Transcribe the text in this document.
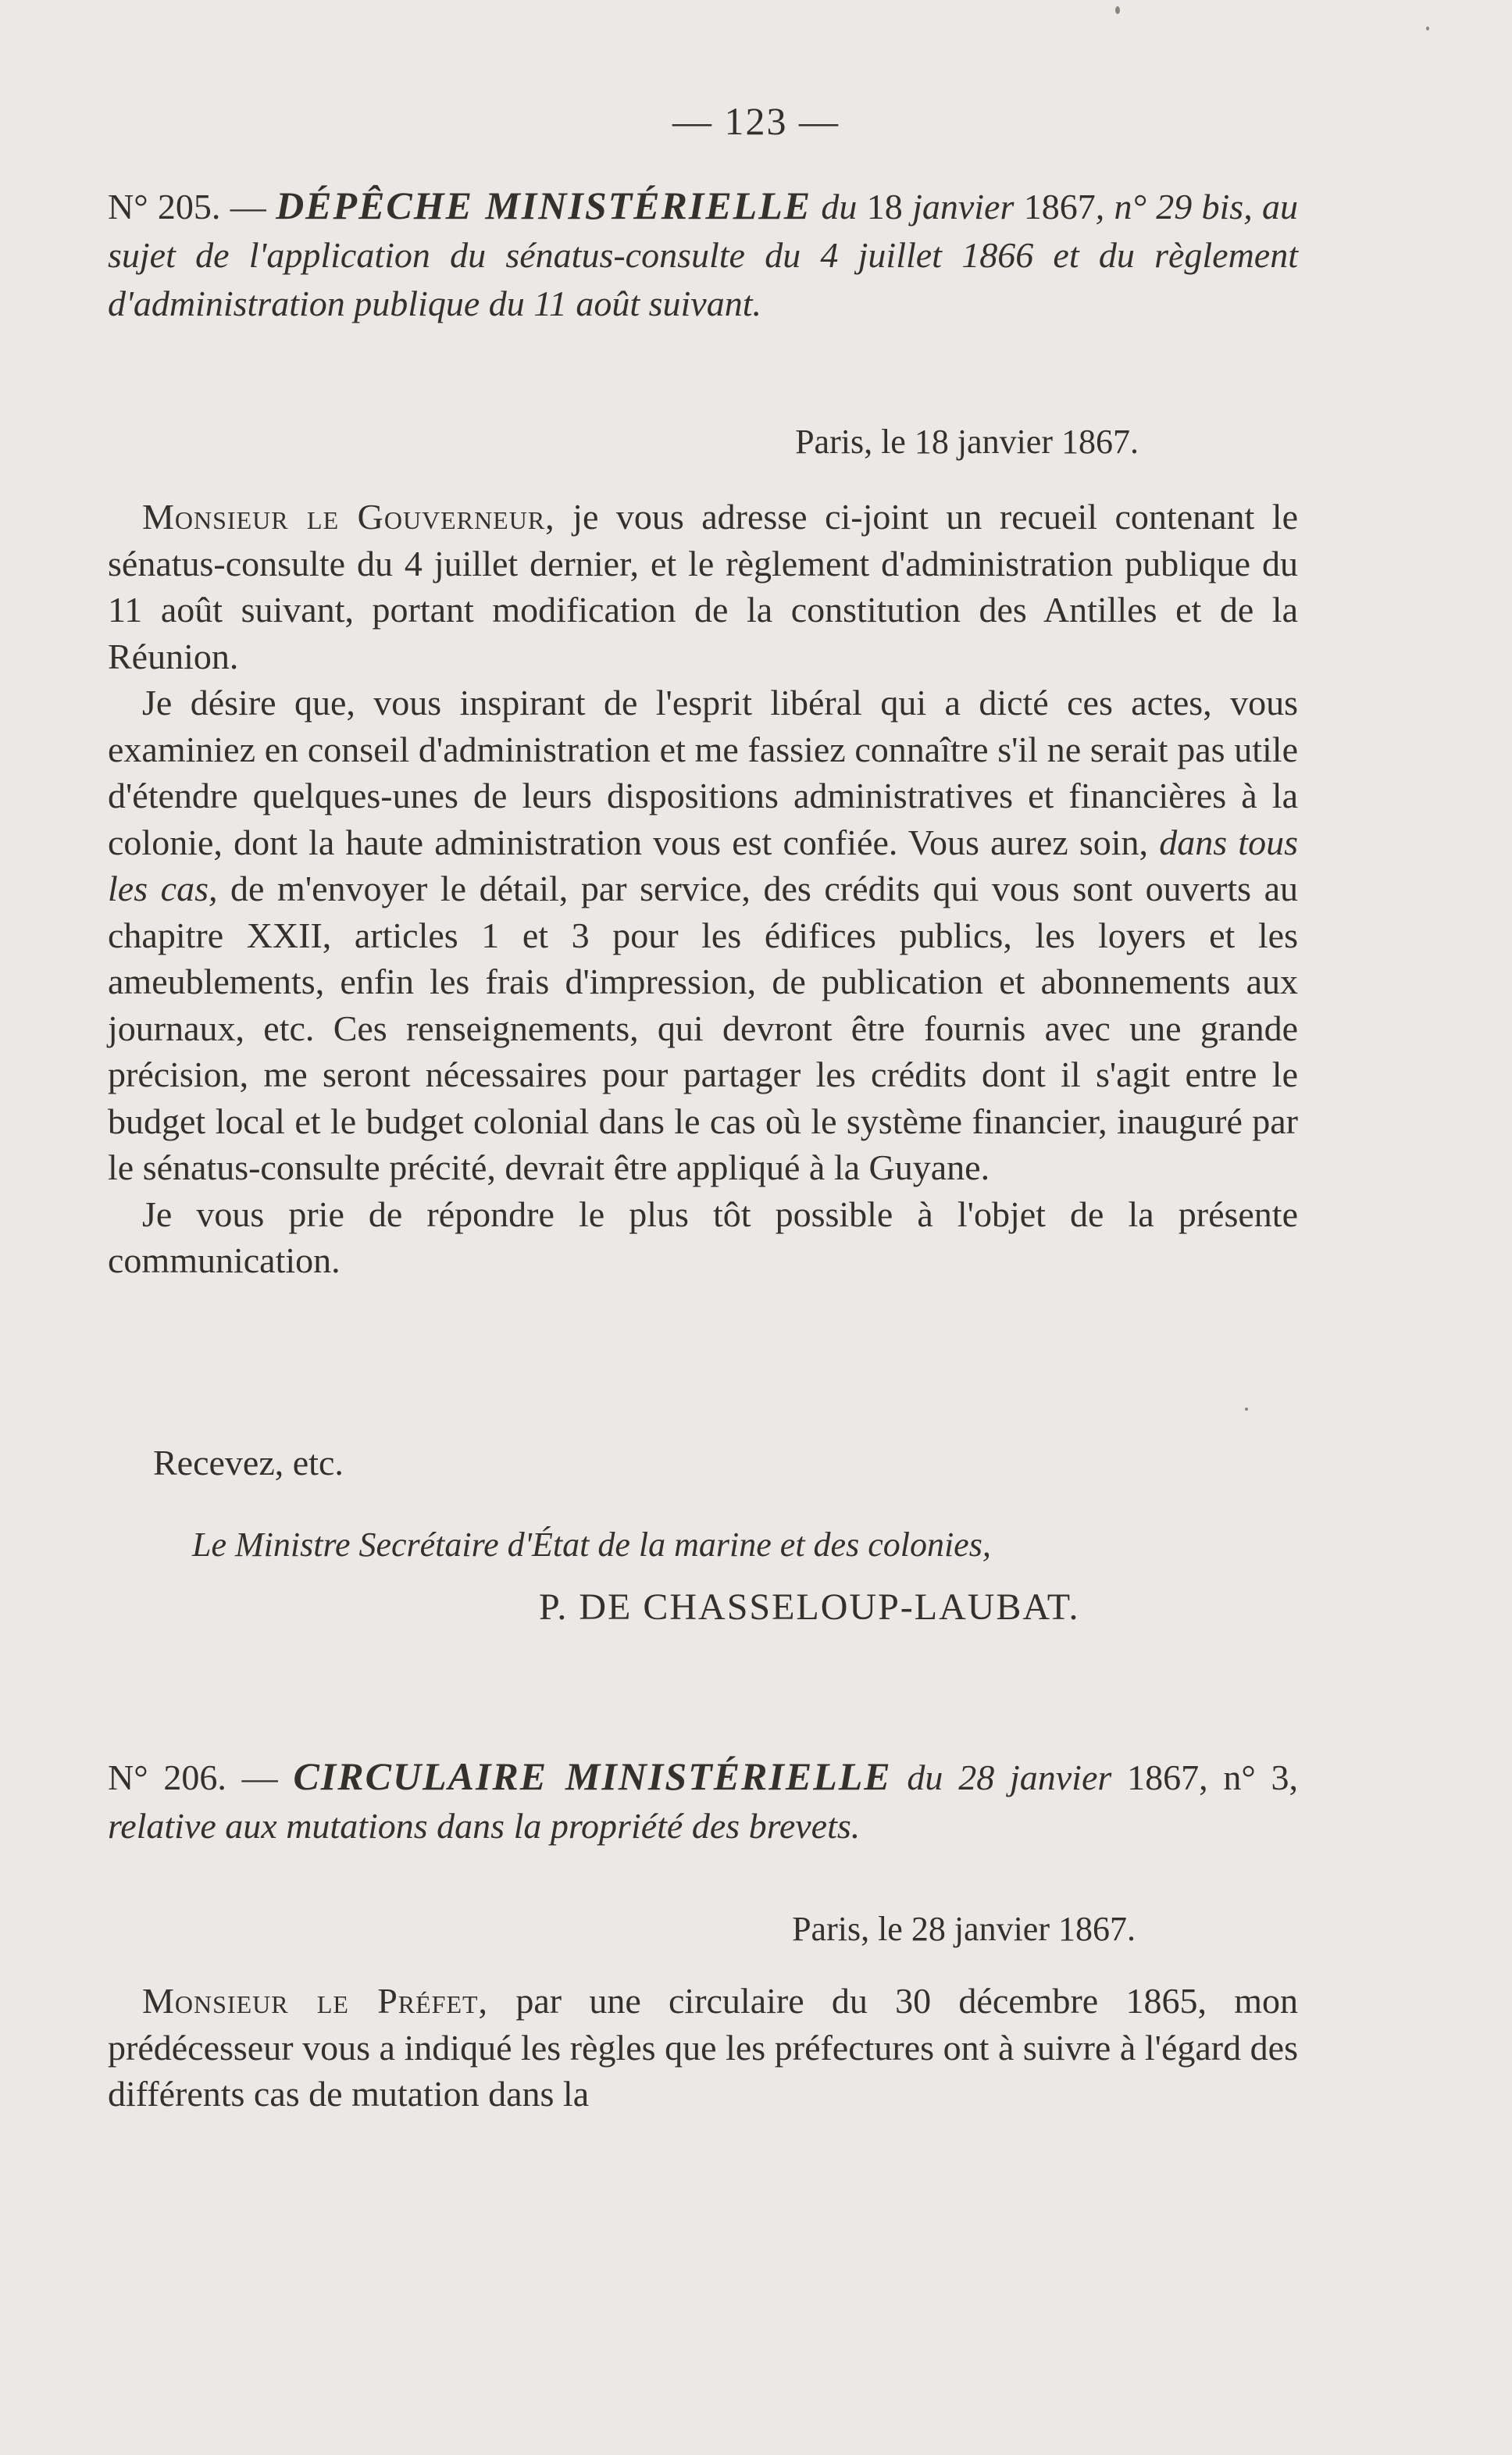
— 123 —
N° 205. — DÉPÊCHE MINISTÉRIELLE du 18 janvier 1867, n° 29 bis, au sujet de l'application du sénatus-consulte du 4 juillet 1866 et du règlement d'administration publique du 11 août suivant.
Paris, le 18 janvier 1867.

Monsieur le Gouverneur, je vous adresse ci-joint un recueil contenant le sénatus-consulte du 4 juillet dernier, et le règlement d'administration publique du 11 août suivant, portant modification de la constitution des Antilles et de la Réunion.

Je désire que, vous inspirant de l'esprit libéral qui a dicté ces actes, vous examiniez en conseil d'administration et me fassiez connaître s'il ne serait pas utile d'étendre quelques-unes de leurs dispositions administratives et financières à la colonie, dont la haute administration vous est confiée. Vous aurez soin, dans tous les cas, de m'envoyer le détail, par service, des crédits qui vous sont ouverts au chapitre XXII, articles 1 et 3 pour les édifices publics, les loyers et les ameublements, enfin les frais d'impression, de publication et abonnements aux journaux, etc. Ces renseignements, qui devront être fournis avec une grande précision, me seront nécessaires pour partager les crédits dont il s'agit entre le budget local et le budget colonial dans le cas où le système financier, inauguré par le sénatus-consulte précité, devrait être appliqué à la Guyane.

Je vous prie de répondre le plus tôt possible à l'objet de la présente communication.

Recevez, etc.
Le Ministre Secrétaire d'État de la marine et des colonies,
P. DE CHASSELOUP-LAUBAT.
N° 206. — CIRCULAIRE MINISTÉRIELLE du 28 janvier 1867, n° 3, relative aux mutations dans la propriété des brevets.
Paris, le 28 janvier 1867.

Monsieur le Préfet, par une circulaire du 30 décembre 1865, mon prédécesseur vous a indiqué les règles que les préfectures ont à suivre à l'égard des différents cas de mutation dans la
